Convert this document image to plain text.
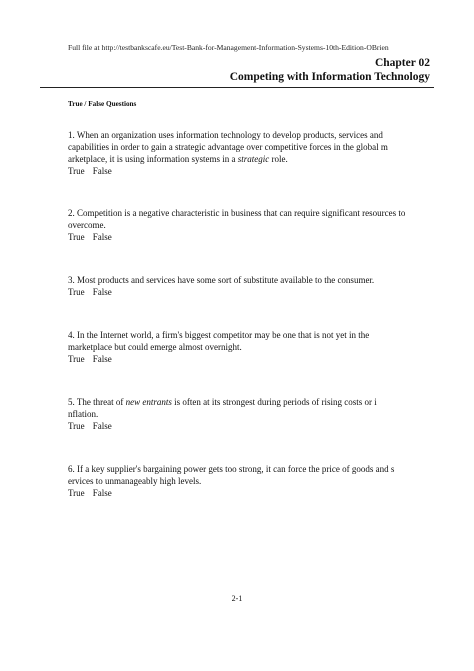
Full file at http://testbankscafe.eu/Test-Bank-for-Management-Information-Systems-10th-Edition-OBrien
Chapter 02
Competing with Information Technology
True / False Questions
1. When an organization uses information technology to develop products, services and
capabilities in order to gain a strategic advantage over competitive forces in the global m
arketplace, it is using information systems in a strategic role.
True False
2. Competition is a negative characteristic in business that can require significant resources to
overcome.
True False
3. Most products and services have some sort of substitute available to the consumer.
True False
4. In the Internet world, a firm's biggest competitor may be one that is not yet in the
marketplace but could emerge almost overnight.
True False
5. The threat of new entrants is often at its strongest during periods of rising costs or i
nflation.
True False
6. If a key supplier's bargaining power gets too strong, it can force the price of goods and s
ervices to unmanageably high levels.
True False
2-1
